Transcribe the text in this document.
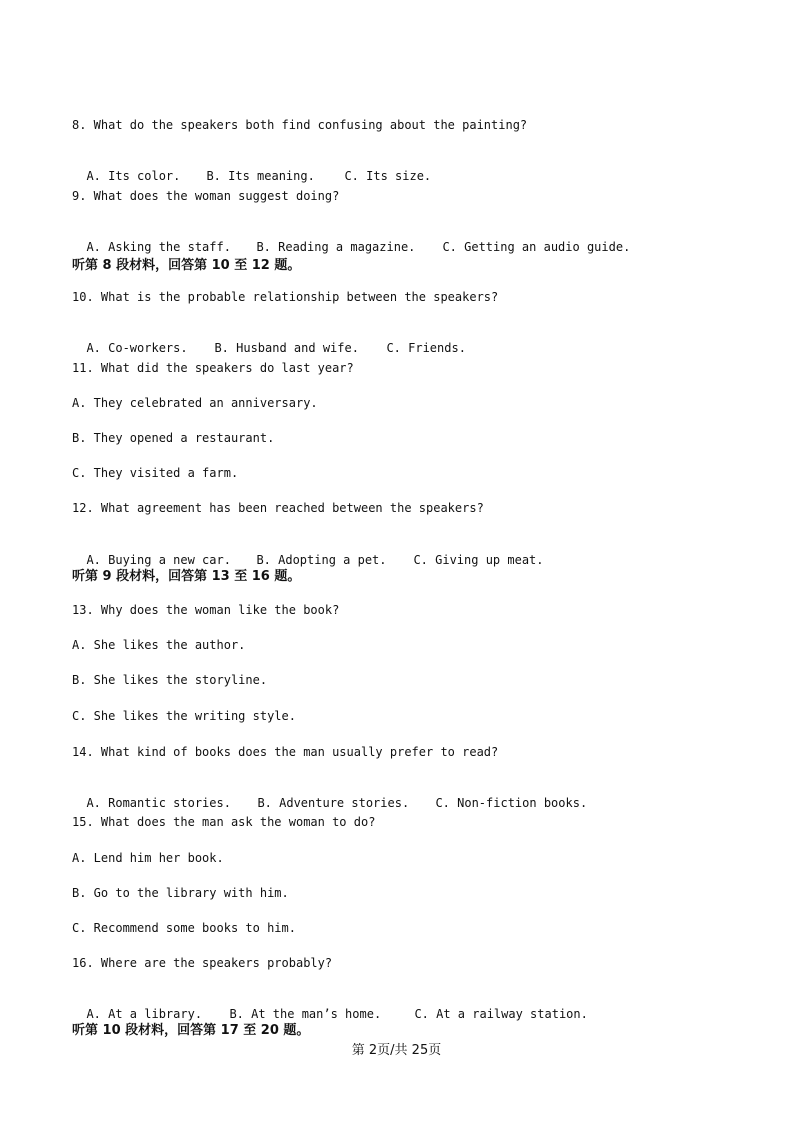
8. What do the speakers both find confusing about the painting?

A. Its color. B. Its meaning. C. Its size.

9. What does the woman suggest doing?

A. Asking the staff. B. Reading a magazine. C. Getting an audio guide.

听第 8 段材料，回答第 10 至 12 题。
10. What is the probable relationship between the speakers?

A. Co-workers. B. Husband and wife. C. Friends.

11. What did the speakers do last year?
A. They celebrated an anniversary.
B. They opened a restaurant.
C. They visited a farm.
12. What agreement has been reached between the speakers?

A. Buying a new car. B. Adopting a pet. C. Giving up meat.

听第 9 段材料，回答第 13 至 16 题。
13. Why does the woman like the book?
A. She likes the author.
B. She likes the storyline.
C. She likes the writing style.
14. What kind of books does the man usually prefer to read?

A. Romantic stories. B. Adventure stories. C. Non-fiction books.

15. What does the man ask the woman to do?
A. Lend him her book.
B. Go to the library with him.
C. Recommend some books to him.
16. Where are the speakers probably?

A. At a library. B. At the man’s home.	C. At a railway station.

听第 10 段材料，回答第 17 至 20 题。
第 2页/共 25页
